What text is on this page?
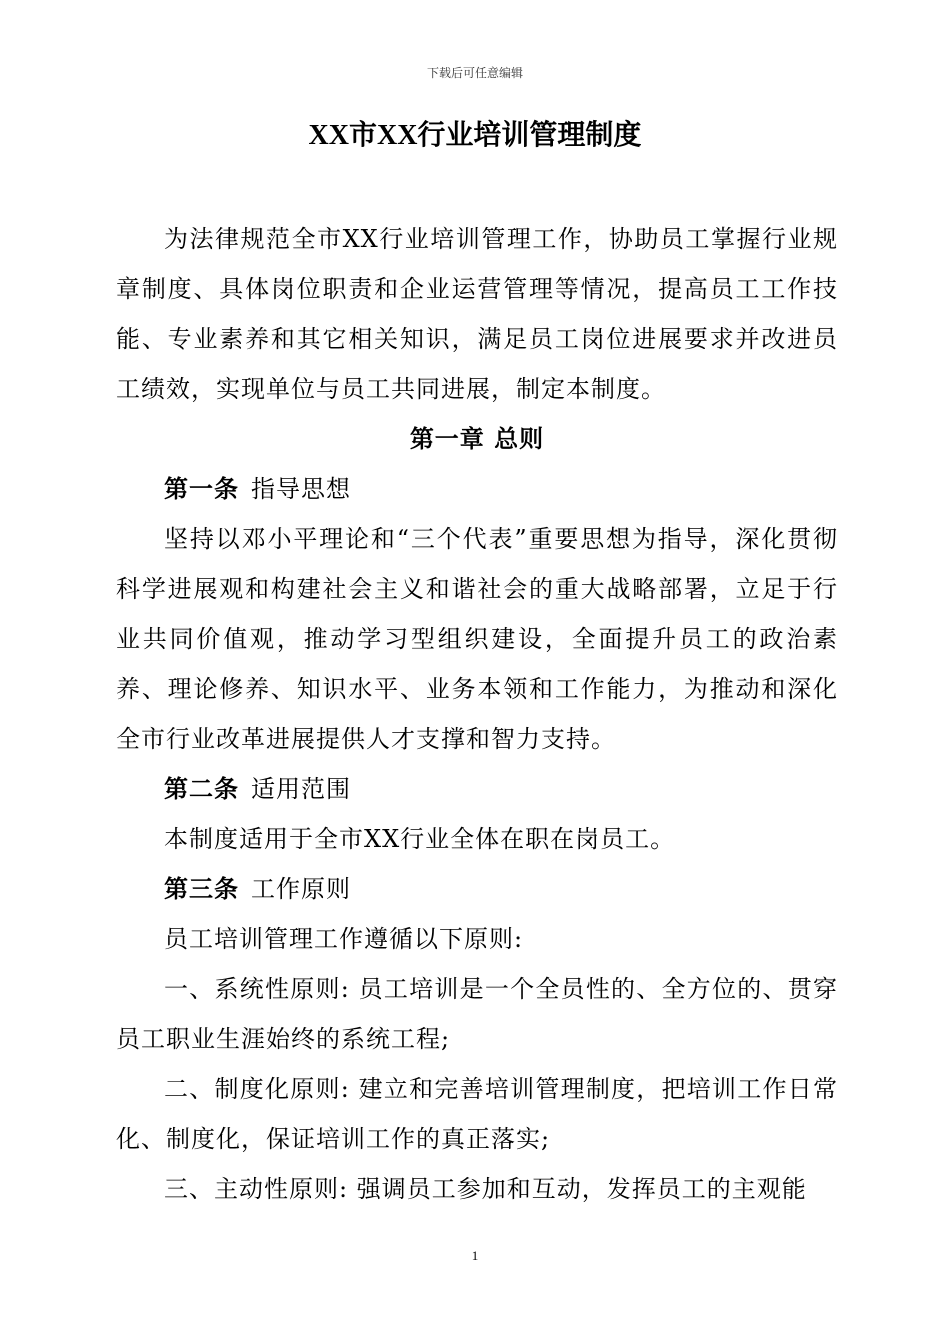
下载后可任意编辑
XX市XX行业培训管理制度

为法律规范全市XX行业培训管理工作，协助员工掌握行业规章制度、具体岗位职责和企业运营管理等情况，提高员工工作技能、专业素养和其它相关知识，满足员工岗位进展要求并改进员工绩效，实现单位与员工共同进展，制定本制度。

第一章 总则

第一条 指导思想

坚持以邓小平理论和“三个代表”重要思想为指导，深化贯彻科学进展观和构建社会主义和谐社会的重大战略部署，立足于行业共同价值观，推动学习型组织建设，全面提升员工的政治素养、理论修养、知识水平、业务本领和工作能力，为推动和深化全市行业改革进展提供人才支撑和智力支持。

第二条 适用范围

本制度适用于全市XX行业全体在职在岗员工。

第三条 工作原则

员工培训管理工作遵循以下原则:

一、系统性原则: 员工培训是一个全员性的、全方位的、贯穿员工职业生涯始终的系统工程;

二、制度化原则: 建立和完善培训管理制度，把培训工作日常化、制度化，保证培训工作的真正落实;

三、主动性原则: 强调员工参加和互动，发挥员工的主观能

1
